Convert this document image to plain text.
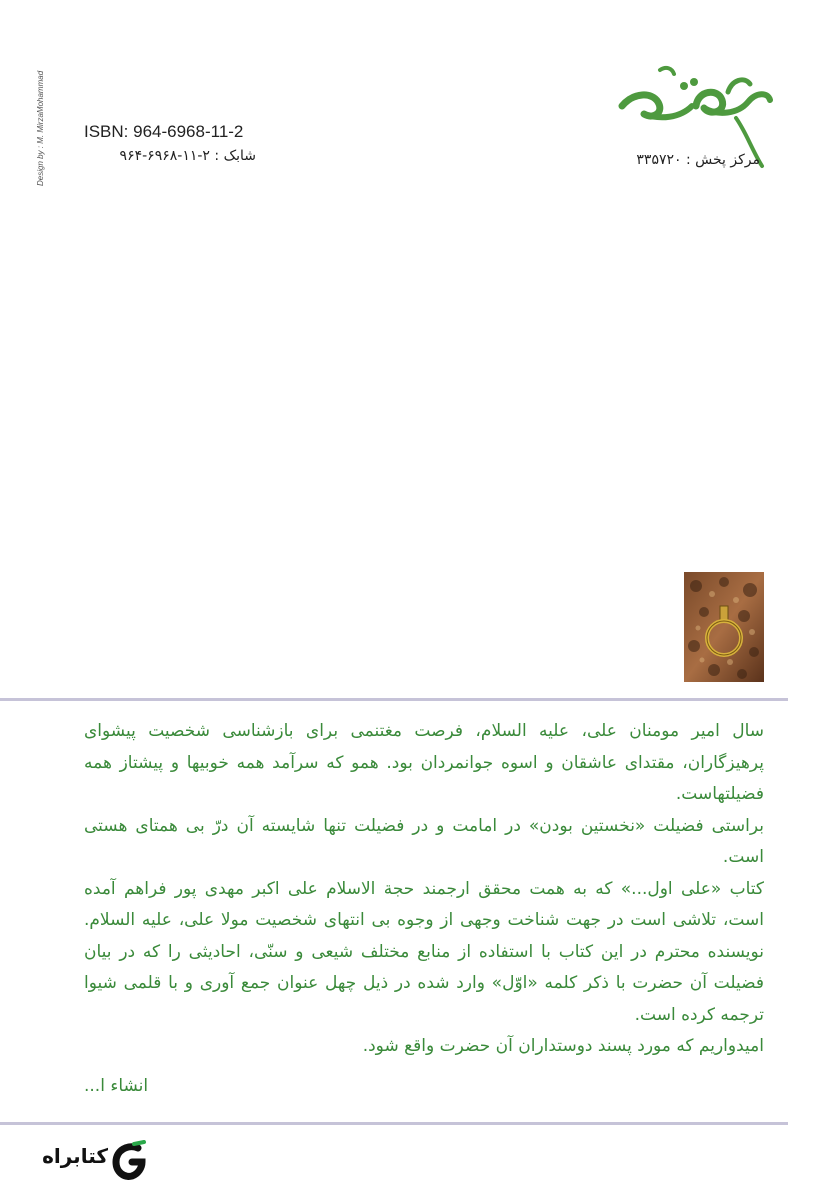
Design by : M. MirzaMohammad ISBN: 964-6968-11-2
شابک : ۲-۱۱-۶۹۶۸-۹۶۴	مرکز پخش : ۳۳۵۷۲۰

سال امیر مومنان علی، علیه السلام، فرصت مغتنمی برای بازشناسی شخصیت پیشوای پرهیزگاران، مقتدای عاشقان و اسوه جوانمردان بود. همو که سرآمد همه خوبیها و پیشتاز همه فضیلتهاست.

براستی فضیلت «نخستین بودن» در امامت و در فضیلت تنها شایسته آن درّ بی همتای هستی است.

کتاب «علی اول...» که به همت محقق ارجمند حجة الاسلام علی اکبر مهدی پور فراهم آمده است، تلاشی است در جهت شناخت وجهی از وجوه بی انتهای شخصیت مولا علی، علیه السلام. نویسنده محترم در این کتاب با استفاده از منابع مختلف شیعی و سنّی، احادیثی را که در بیان فضیلت آن حضرت با ذکر کلمه «اوّل» وارد شده در ذیل چهل عنوان جمع آوری و با قلمی شیوا ترجمه کرده است.

امیدواریم که مورد پسند دوستداران آن حضرت واقع شود.

انشاء ا...
کتابراه
